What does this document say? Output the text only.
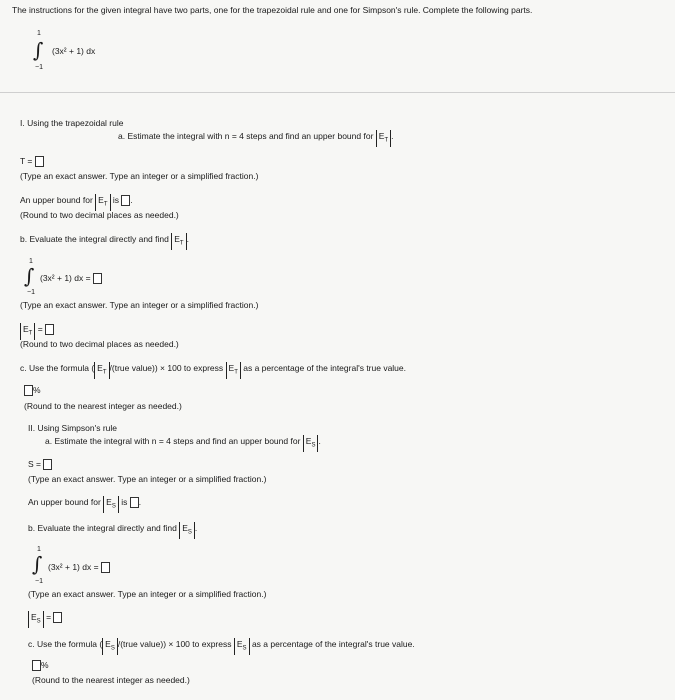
The instructions for the given integral have two parts, one for the trapezoidal rule and one for Simpson's rule. Complete the following parts.
1
∫ (3x² + 1) dx
−1
I. Using the trapezoidal rule
a. Estimate the integral with n = 4 steps and find an upper bound for $E_T$ .
T =
(Type an exact answer. Type an integer or a simplified fraction.)
An upper bound for $E_T$ is .
(Round to two decimal places as needed.)
b. Evaluate the integral directly and find $E_T$ .
1
∫ (3x² + 1) dx =
−1
(Type an exact answer. Type an integer or a simplified fraction.)
$E_T$ =
(Round to two decimal places as needed.)
c. Use the formula ( $E_T$ /(true value)) × 100 to express $E_T$ as a percentage of the integral's true value.
%
(Round to the nearest integer as needed.)
II. Using Simpson's rule
a. Estimate the integral with n = 4 steps and find an upper bound for $E_S$ .
S =
(Type an exact answer. Type an integer or a simplified fraction.)
An upper bound for $E_S$ is .
b. Evaluate the integral directly and find $E_S$ .
1
∫ (3x² + 1) dx =
−1
(Type an exact answer. Type an integer or a simplified fraction.)
$E_S$ =
c. Use the formula ( $E_S$ /(true value)) × 100 to express $E_S$ as a percentage of the integral's true value.
%
(Round to the nearest integer as needed.)
